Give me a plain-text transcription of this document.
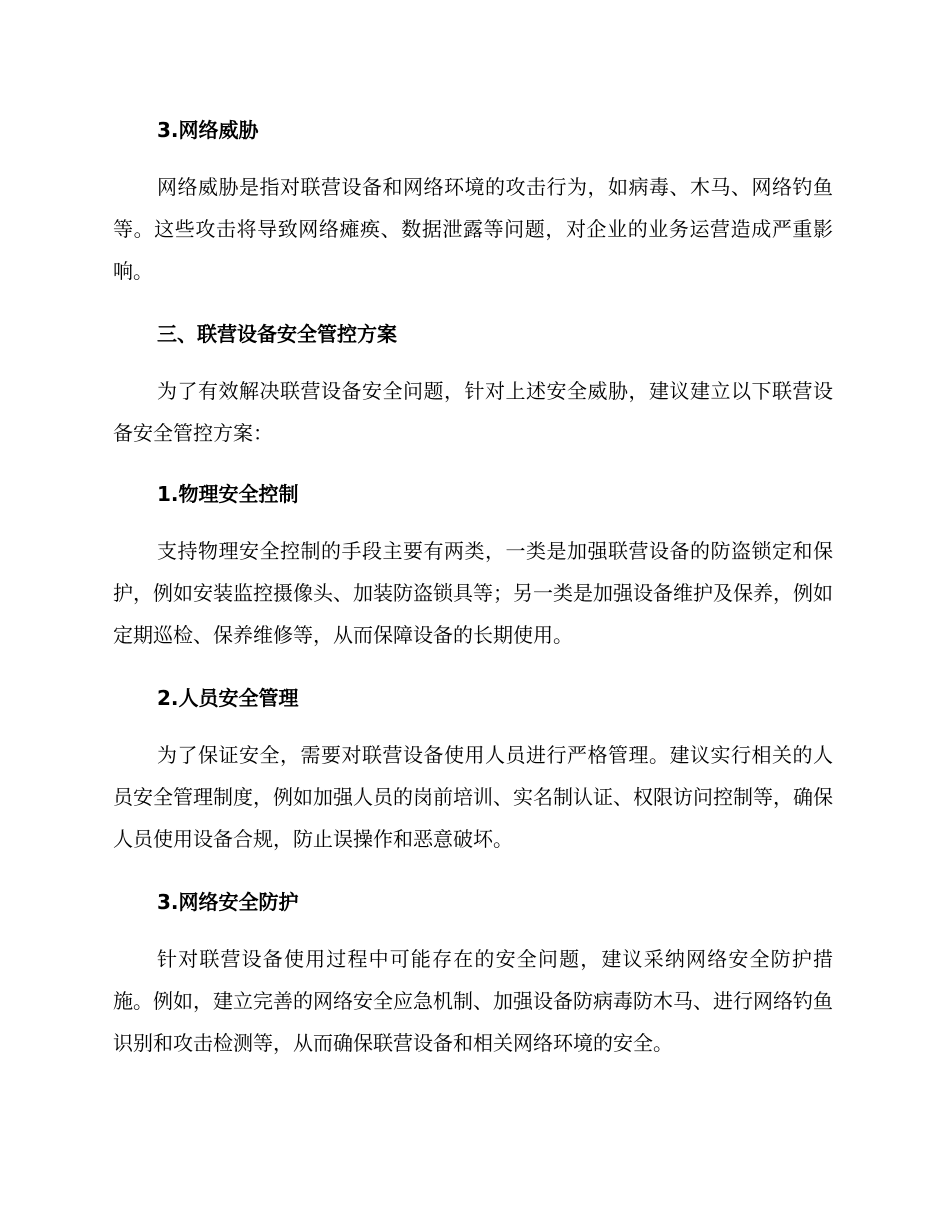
3.网络威胁
网络威胁是指对联营设备和网络环境的攻击行为，如病毒、木马、网络钓鱼等。这些攻击将导致网络瘫痪、数据泄露等问题，对企业的业务运营造成严重影响。
三、联营设备安全管控方案
为了有效解决联营设备安全问题，针对上述安全威胁，建议建立以下联营设备安全管控方案：
1.物理安全控制
支持物理安全控制的手段主要有两类，一类是加强联营设备的防盗锁定和保护，例如安装监控摄像头、加装防盗锁具等；另一类是加强设备维护及保养，例如定期巡检、保养维修等，从而保障设备的长期使用。
2.人员安全管理
为了保证安全，需要对联营设备使用人员进行严格管理。建议实行相关的人员安全管理制度，例如加强人员的岗前培训、实名制认证、权限访问控制等，确保人员使用设备合规，防止误操作和恶意破坏。
3.网络安全防护
针对联营设备使用过程中可能存在的安全问题，建议采纳网络安全防护措施。例如，建立完善的网络安全应急机制、加强设备防病毒防木马、进行网络钓鱼识别和攻击检测等，从而确保联营设备和相关网络环境的安全。
